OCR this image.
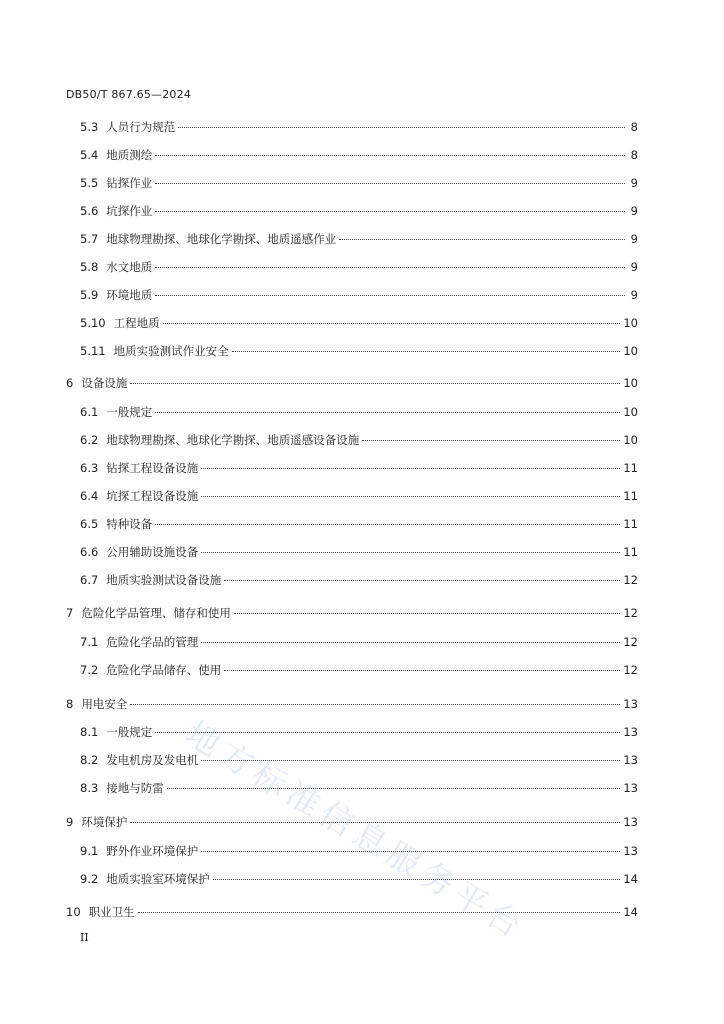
DB50/T 867.65—2024
5.3 人员行为规范	8
5.4 地质测绘	8
5.5 钻探作业	9
5.6 坑探作业	9
5.7 地球物理勘探、地球化学勘探、地质遥感作业	9
5.8 水文地质	9
5.9 环境地质	9
5.10 工程地质	10
5.11 地质实验测试作业安全	10
6 设备设施	10
6.1 一般规定	10
6.2 地球物理勘探、地球化学勘探、地质遥感设备设施	10
6.3 钻探工程设备设施	11
6.4 坑探工程设备设施	11
6.5 特种设备	11
6.6 公用辅助设施设备	11
6.7 地质实验测试设备设施	12
7 危险化学品管理、储存和使用	12
7.1 危险化学品的管理	12
7.2 危险化学品储存、使用	12
8 用电安全	13
8.1 一般规定	13
8.2 发电机房及发电机	13
8.3 接地与防雷	13
9 环境保护	13
9.1 野外作业环境保护	13
9.2 地质实验室环境保护	14
10 职业卫生	14
地方标准信息服务平台
II
